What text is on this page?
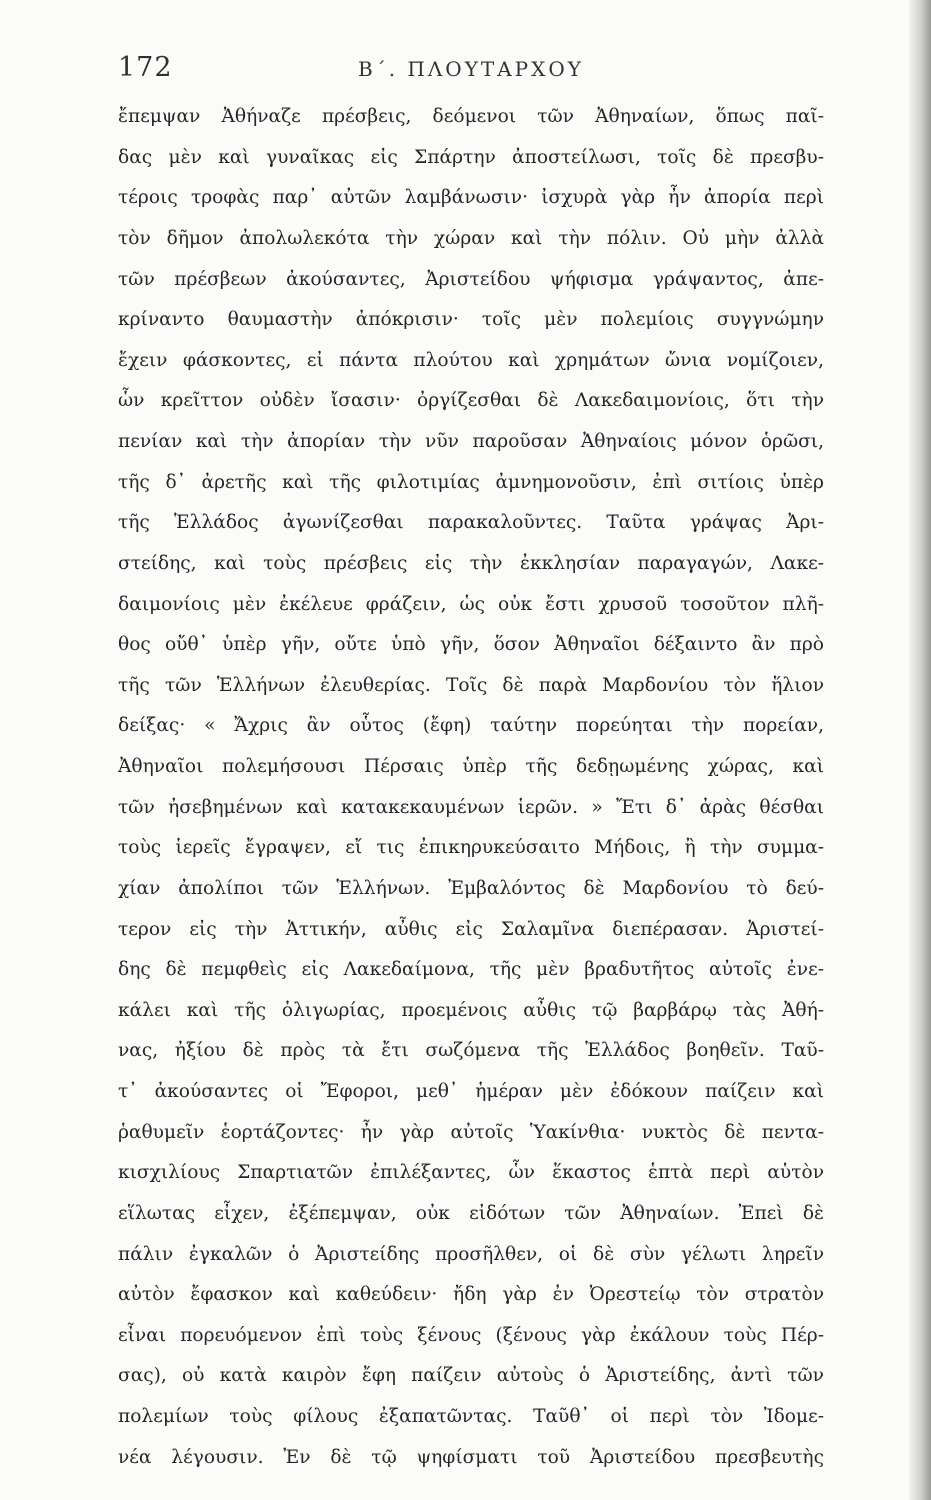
172	Β΄. ΠΛΟΥΤΑΡΧΟΥ
ἔπεμψαν Ἀθήναζε πρέσβεις, δεόμενοι τῶν Ἀθηναίων, ὅπως παῖ-
δας μὲν καὶ γυναῖκας εἰς Σπάρτην ἀποστείλωσι, τοῖς δὲ πρεσβυ-
τέροις τροφὰς παρ᾽ αὐτῶν λαμβάνωσιν· ἰσχυρὰ γὰρ ἦν ἀπορία περὶ
τὸν δῆμον ἀπολωλεκότα τὴν χώραν καὶ τὴν πόλιν. Οὐ μὴν ἀλλὰ
τῶν πρέσβεων ἀκούσαντες, Ἀριστείδου ψήφισμα γράψαντος, ἀπε-
κρίναντο θαυμαστὴν ἀπόκρισιν· τοῖς μὲν πολεμίοις συγγνώμην
ἔχειν φάσκοντες, εἰ πάντα πλούτου καὶ χρημάτων ὤνια νομίζοιεν,
ὧν κρεῖττον οὐδὲν ἴσασιν· ὀργίζεσθαι δὲ Λακεδαιμονίοις, ὅτι τὴν
πενίαν καὶ τὴν ἀπορίαν τὴν νῦν παροῦσαν Ἀθηναίοις μόνον ὁρῶσι,
τῆς δ᾽ ἀρετῆς καὶ τῆς φιλοτιμίας ἀμνημονοῦσιν, ἐπὶ σιτίοις ὑπὲρ
τῆς Ἑλλάδος ἀγωνίζεσθαι παρακαλοῦντες. Ταῦτα γράψας Ἀρι-
στείδης, καὶ τοὺς πρέσβεις εἰς τὴν ἐκκλησίαν παραγαγών, Λακε-
δαιμονίοις μὲν ἐκέλευε φράζειν, ὡς οὐκ ἔστι χρυσοῦ τοσοῦτον πλῆ-
θος οὔθ᾽ ὑπὲρ γῆν, οὔτε ὑπὸ γῆν, ὅσον Ἀθηναῖοι δέξαιντο ἂν πρὸ
τῆς τῶν Ἑλλήνων ἐλευθερίας. Τοῖς δὲ παρὰ Μαρδονίου τὸν ἥλιον
δείξας· « Ἄχρις ἂν οὗτος (ἔφη) ταύτην πορεύηται τὴν πορείαν,
Ἀθηναῖοι πολεμήσουσι Πέρσαις ὑπὲρ τῆς δεδῃωμένης χώρας, καὶ
τῶν ἠσεβημένων καὶ κατακεκαυμένων ἱερῶν. » Ἔτι δ᾽ ἀρὰς θέσθαι
τοὺς ἱερεῖς ἔγραψεν, εἴ τις ἐπικηρυκεύσαιτο Μήδοις, ἢ τὴν συμμα-
χίαν ἀπολίποι τῶν Ἑλλήνων. Ἐμβαλόντος δὲ Μαρδονίου τὸ δεύ-
τερον εἰς τὴν Ἀττικήν, αὖθις εἰς Σαλαμῖνα διεπέρασαν. Ἀριστεί-
δης δὲ πεμφθεὶς εἰς Λακεδαίμονα, τῆς μὲν βραδυτῆτος αὐτοῖς ἐνε-
κάλει καὶ τῆς ὀλιγωρίας, προεμένοις αὖθις τῷ βαρβάρῳ τὰς Ἀθή-
νας, ἠξίου δὲ πρὸς τὰ ἔτι σωζόμενα τῆς Ἑλλάδος βοηθεῖν. Ταῦ-
τ᾽ ἀκούσαντες οἱ Ἔφοροι, μεθ᾽ ἡμέραν μὲν ἐδόκουν παίζειν καὶ
ῥαθυμεῖν ἑορτάζοντες· ἦν γὰρ αὐτοῖς Ὑακίνθια· νυκτὸς δὲ πεντα-
κισχιλίους Σπαρτιατῶν ἐπιλέξαντες, ὧν ἕκαστος ἑπτὰ περὶ αὑτὸν
εἵλωτας εἶχεν, ἐξέπεμψαν, οὐκ εἰδότων τῶν Ἀθηναίων. Ἐπεὶ δὲ
πάλιν ἐγκαλῶν ὁ Ἀριστείδης προσῆλθεν, οἱ δὲ σὺν γέλωτι ληρεῖν
αὐτὸν ἔφασκον καὶ καθεύδειν· ἤδη γὰρ ἐν Ὀρεστείῳ τὸν στρατὸν
εἶναι πορευόμενον ἐπὶ τοὺς ξένους (ξένους γὰρ ἐκάλουν τοὺς Πέρ-
σας), οὐ κατὰ καιρὸν ἔφη παίζειν αὐτοὺς ὁ Ἀριστείδης, ἀντὶ τῶν
πολεμίων τοὺς φίλους ἐξαπατῶντας. Ταῦθ᾽ οἱ περὶ τὸν Ἰδομε-
νέα λέγουσιν. Ἐν δὲ τῷ ψηφίσματι τοῦ Ἀριστείδου πρεσβευτὴς
